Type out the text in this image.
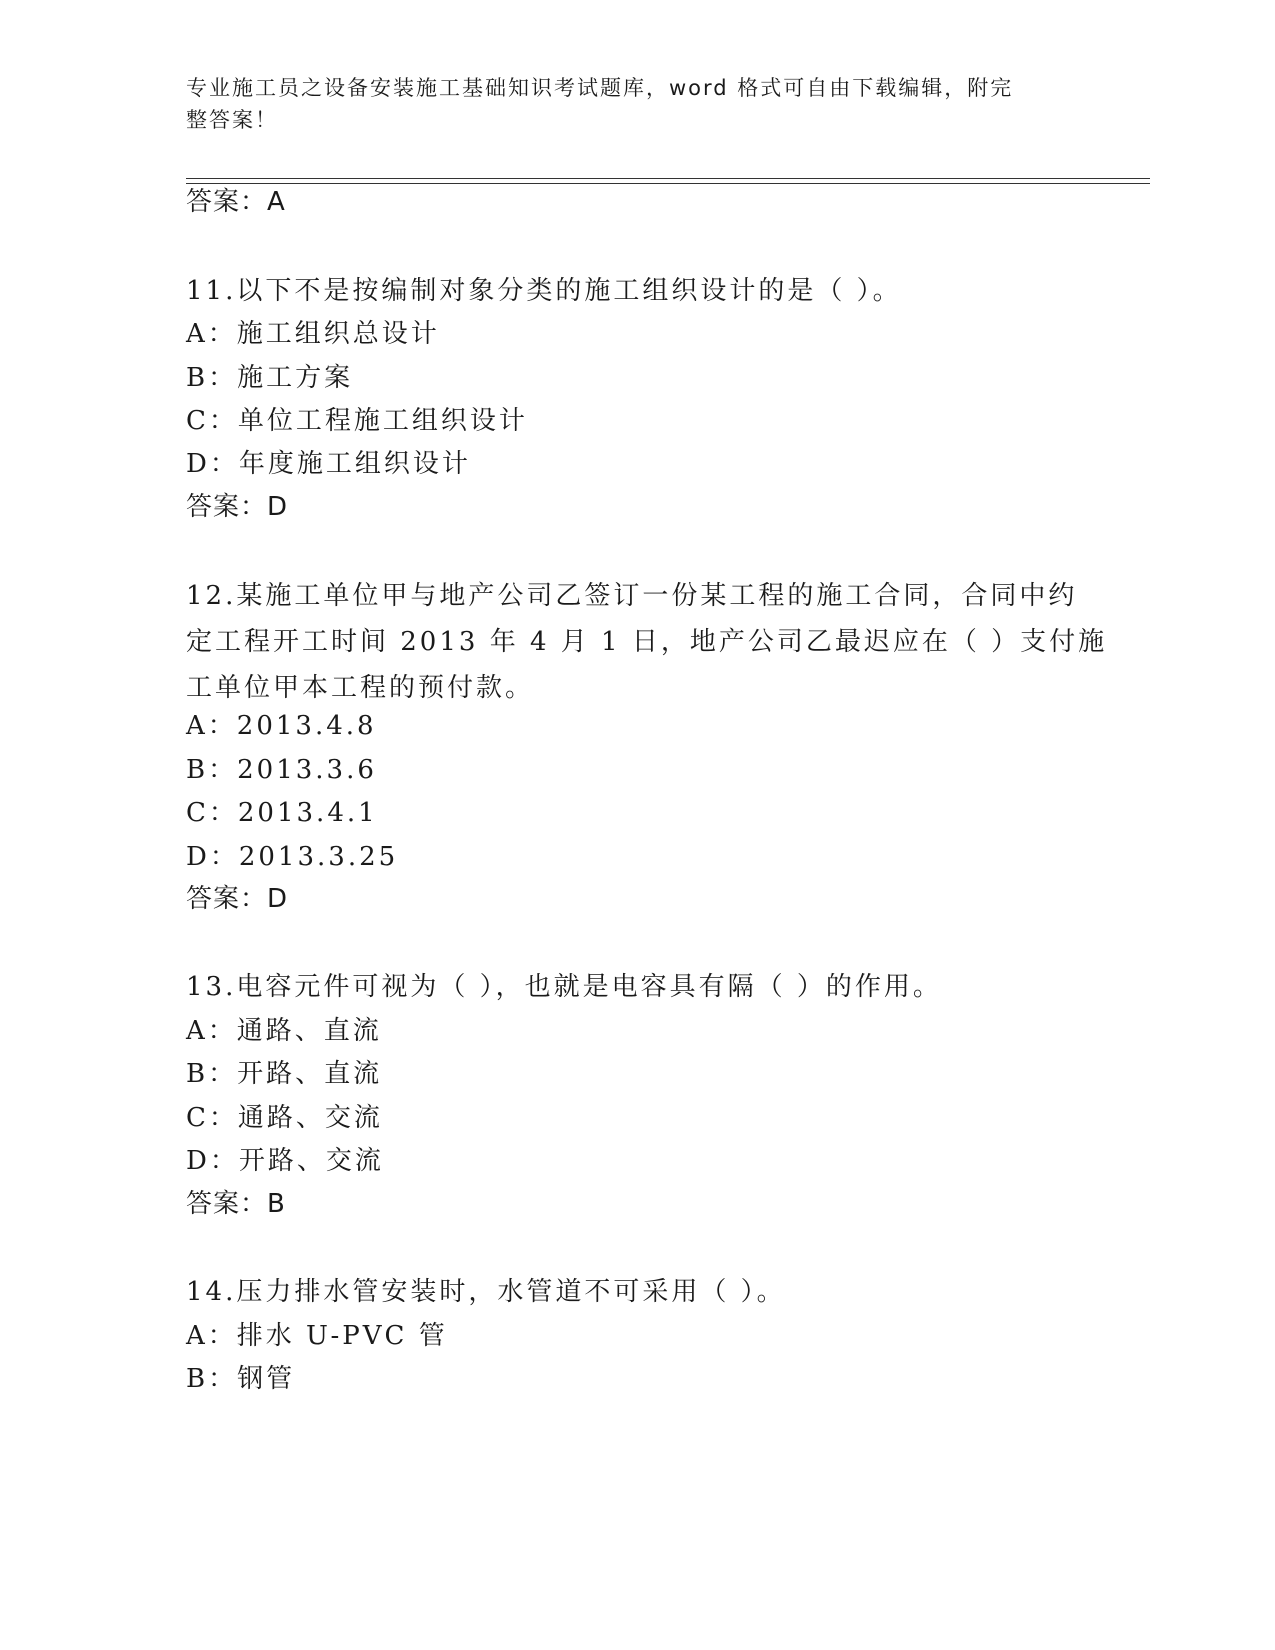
专业施工员之设备安装施工基础知识考试题库，word 格式可自由下载编辑，附完
整答案！
答案：A
11.以下不是按编制对象分类的施工组织设计的是（ ）。
A：施工组织总设计
B：施工方案
C：单位工程施工组织设计
D：年度施工组织设计
答案：D
12.某施工单位甲与地产公司乙签订一份某工程的施工合同，合同中约
定工程开工时间 2013 年 4 月 1 日，地产公司乙最迟应在（ ）支付施
工单位甲本工程的预付款。
A：2013.4.8
B：2013.3.6
C：2013.4.1
D：2013.3.25
答案：D
13.电容元件可视为（ ），也就是电容具有隔（ ）的作用。
A：通路、直流
B：开路、直流
C：通路、交流
D：开路、交流
答案：B
14.压力排水管安装时，水管道不可采用（ ）。
A：排水 U-PVC 管
B：钢管
